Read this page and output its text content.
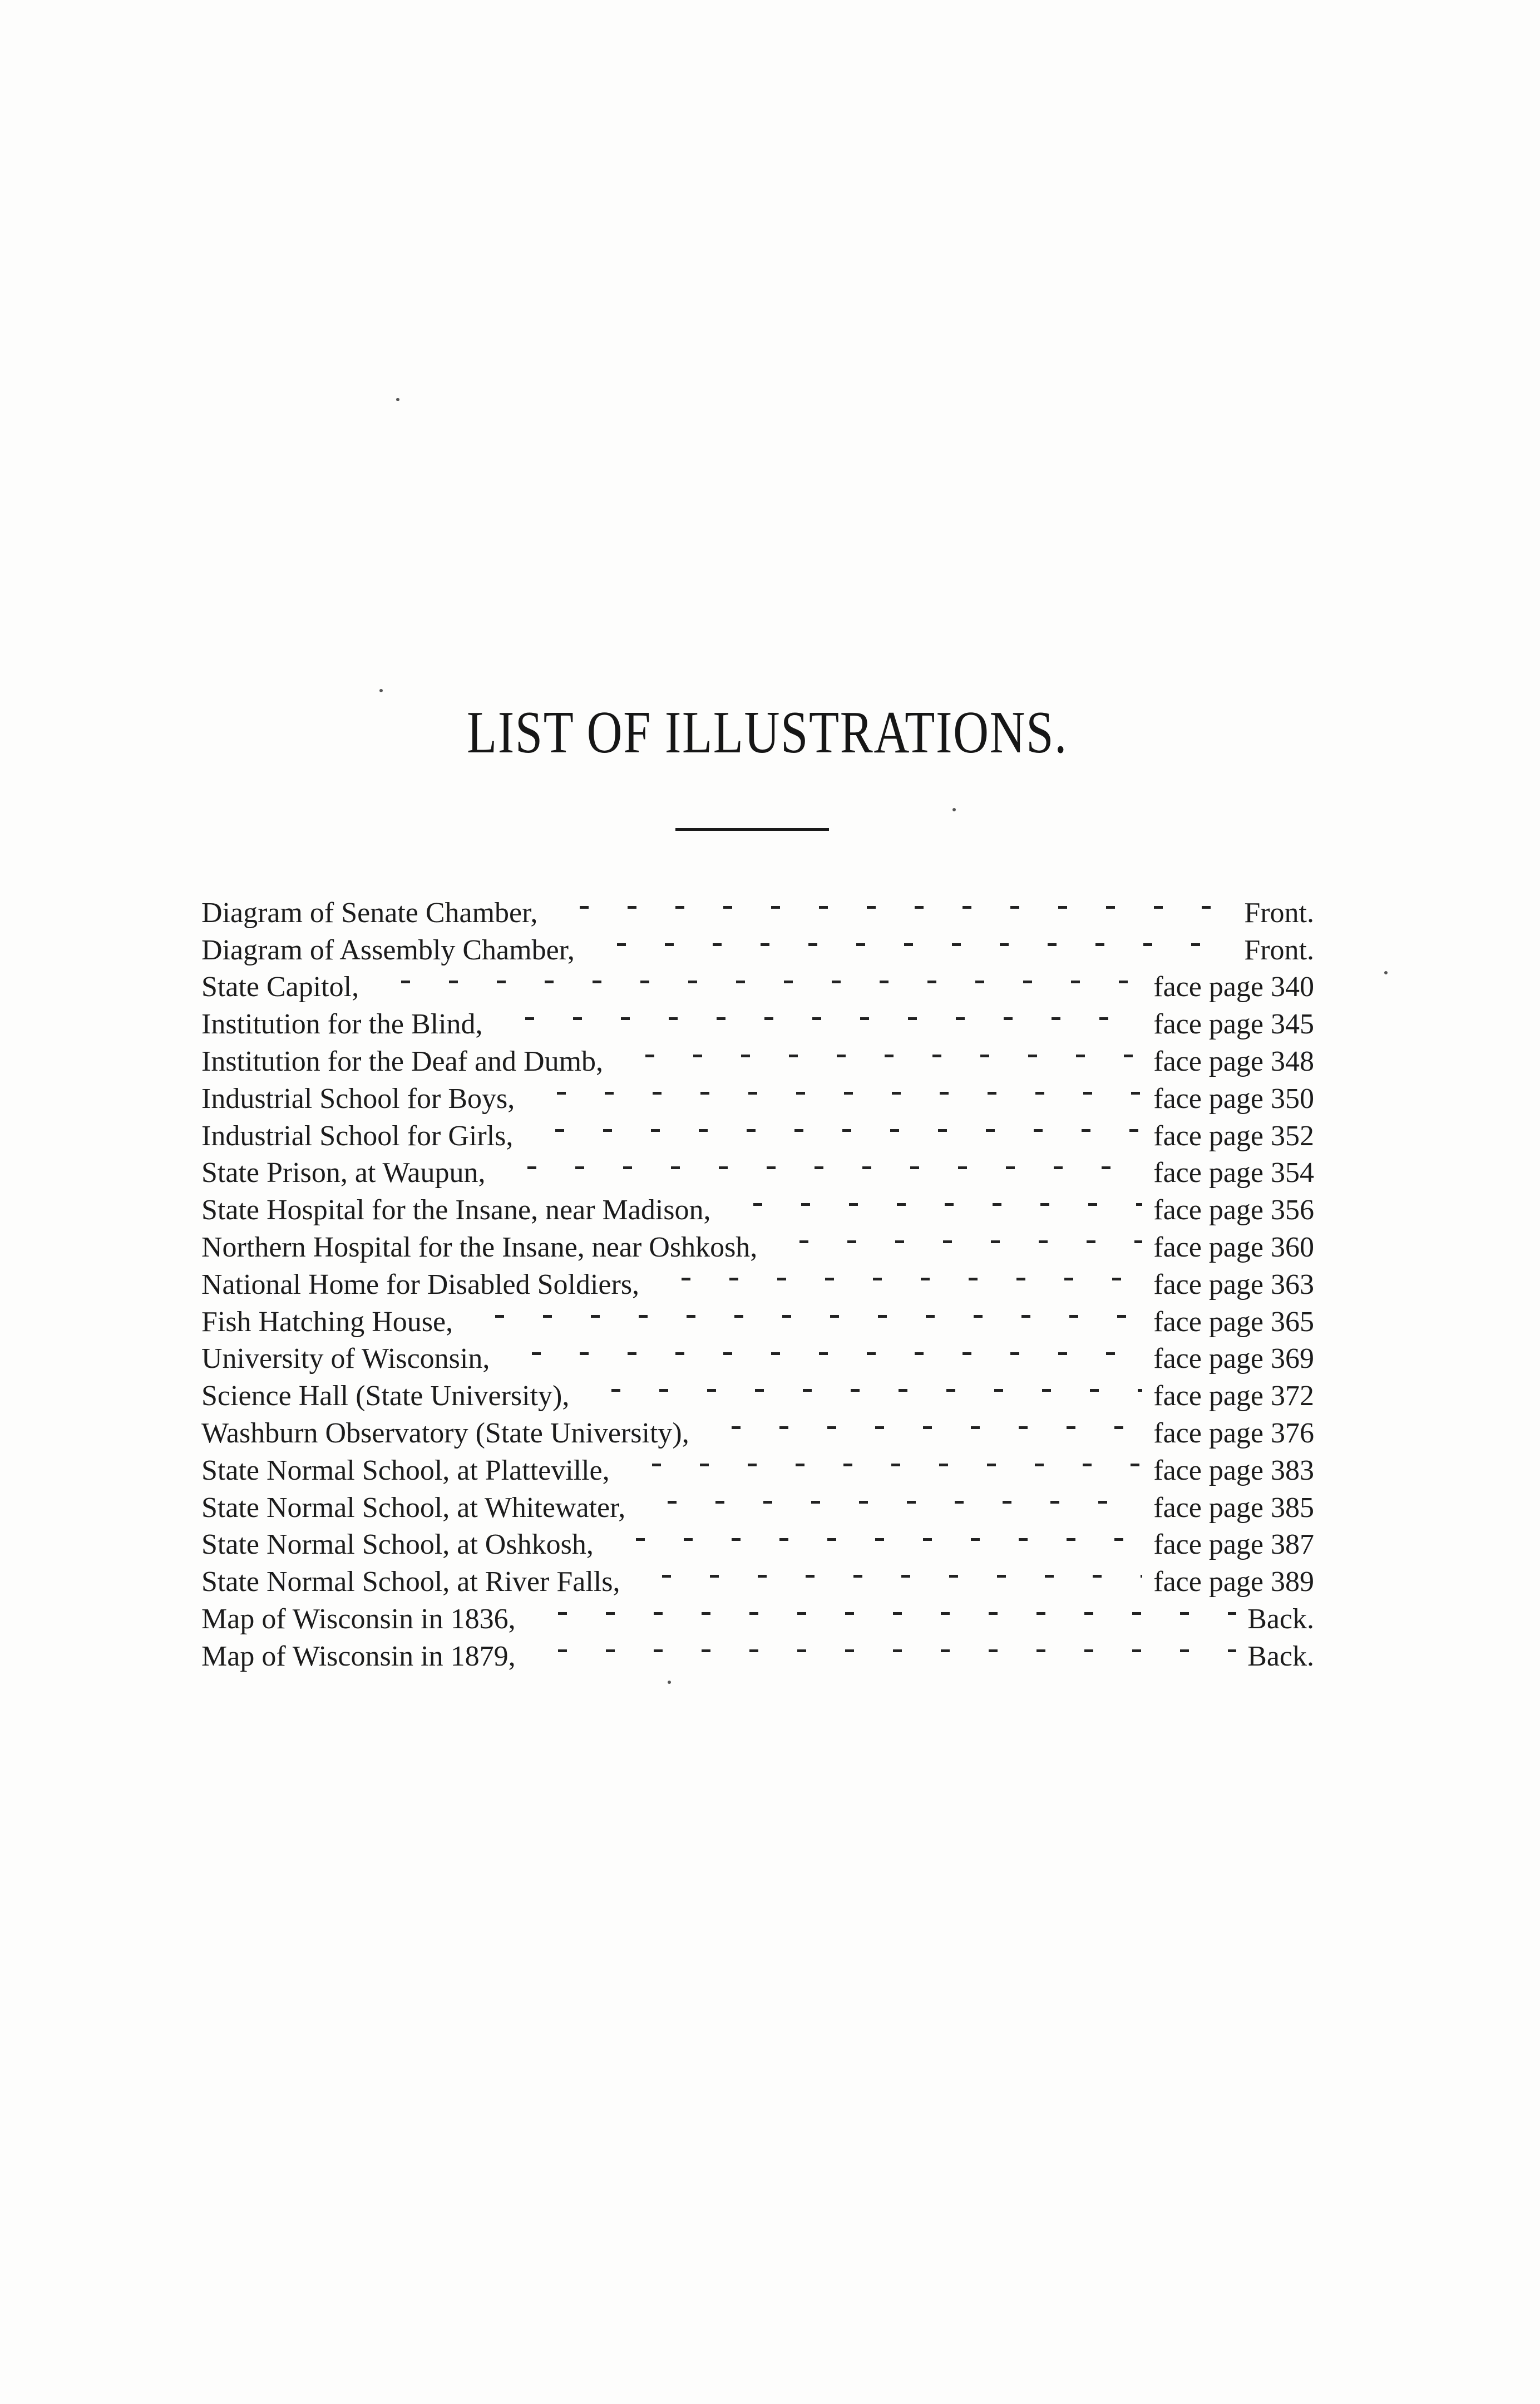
LIST OF ILLUSTRATIONS.
Diagram of Senate Chamber,	Front.
Diagram of Assembly Chamber,	Front.
State Capitol,	face page 340
Institution for the Blind,	face page 345
Institution for the Deaf and Dumb,	face page 348
Industrial School for Boys,	face page 350
Industrial School for Girls,	face page 352
State Prison, at Waupun,	face page 354
State Hospital for the Insane, near Madison,	face page 356
Northern Hospital for the Insane, near Oshkosh,	face page 360
National Home for Disabled Soldiers,	face page 363
Fish Hatching House,	face page 365
University of Wisconsin,	face page 369
Science Hall (State University),	face page 372
Washburn Observatory (State University),	face page 376
State Normal School, at Platteville,	face page 383
State Normal School, at Whitewater,	face page 385
State Normal School, at Oshkosh,	face page 387
State Normal School, at River Falls,	face page 389
Map of Wisconsin in 1836,	Back.
Map of Wisconsin in 1879,	Back.
